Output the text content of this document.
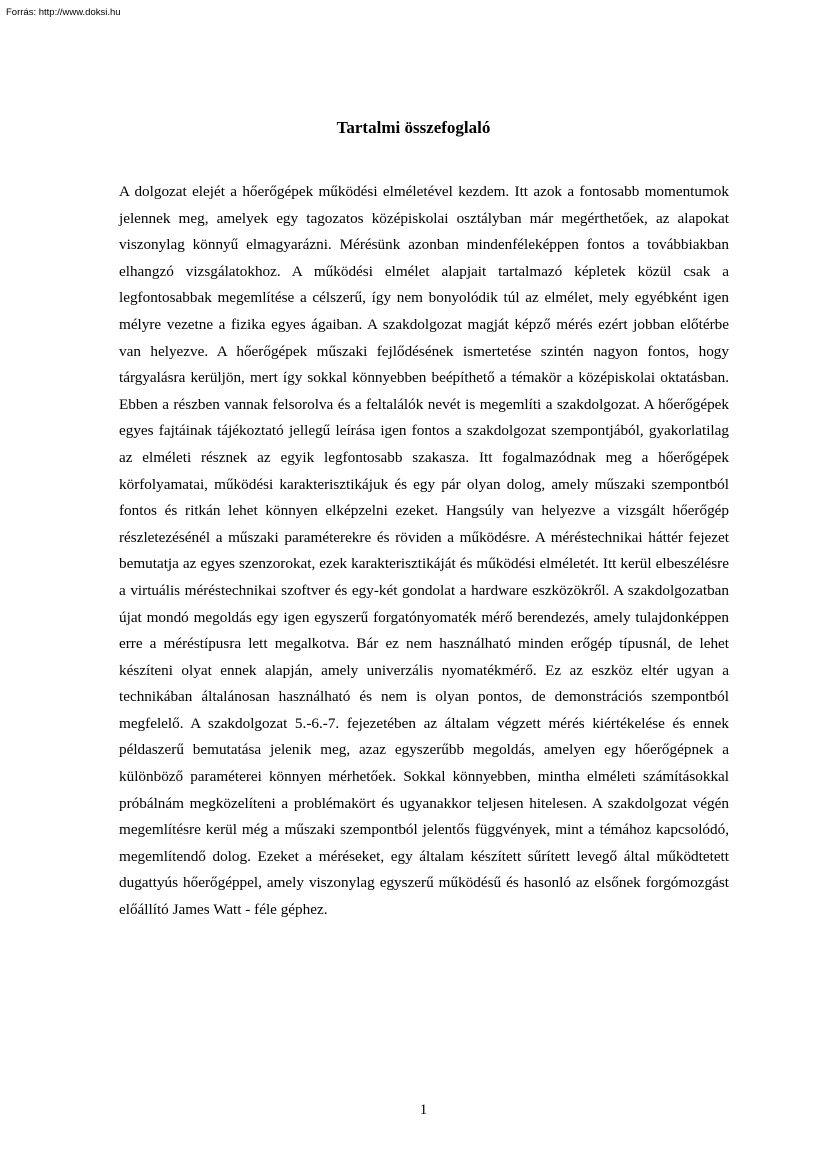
Forrás: http://www.doksi.hu

Tartalmi összefoglaló

A dolgozat elejét a hőerőgépek működési elméletével kezdem. Itt azok a fontosabb momentumok jelennek meg, amelyek egy tagozatos középiskolai osztályban már megérthetőek, az alapokat viszonylag könnyű elmagyarázni. Mérésünk azonban mindenféleképpen fontos a továbbiakban elhangzó vizsgálatokhoz. A működési elmélet alapjait tartalmazó képletek közül csak a legfontosabbak megemlítése a célszerű, így nem bonyolódik túl az elmélet, mely egyébként igen mélyre vezetne a fizika egyes ágaiban. A szakdolgozat magját képző mérés ezért jobban előtérbe van helyezve. A hőerőgépek műszaki fejlődésének ismertetése szintén nagyon fontos, hogy tárgyalásra kerüljön, mert így sokkal könnyebben beépíthető a témakör a középiskolai oktatásban. Ebben a részben vannak felsorolva és a feltalálók nevét is megemlíti a szakdolgozat. A hőerőgépek egyes fajtáinak tájékoztató jellegű leírása igen fontos a szakdolgozat szempontjából, gyakorlatilag az elméleti résznek az egyik legfontosabb szakasza. Itt fogalmazódnak meg a hőerőgépek körfolyamatai, működési karakterisztikájuk és egy pár olyan dolog, amely műszaki szempontból fontos és ritkán lehet könnyen elképzelni ezeket. Hangsúly van helyezve a vizsgált hőerőgép részletezésénél a műszaki paraméterekre és röviden a működésre. A méréstechnikai háttér fejezet bemutatja az egyes szenzorokat, ezek karakterisztikáját és működési elméletét. Itt kerül elbeszélésre a virtuális méréstechnikai szoftver és egy-két gondolat a hardware eszközökről. A szakdolgozatban újat mondó megoldás egy igen egyszerű forgatónyomaték mérő berendezés, amely tulajdonképpen erre a méréstípusra lett megalkotva. Bár ez nem használható minden erőgép típusnál, de lehet készíteni olyat ennek alapján, amely univerzális nyomatékmérő. Ez az eszköz eltér ugyan a technikában általánosan használható és nem is olyan pontos, de demonstrációs szempontból megfelelő. A szakdolgozat 5.-6.-7. fejezetében az általam végzett mérés kiértékelése és ennek példaszerű bemutatása jelenik meg, azaz egyszerűbb megoldás, amelyen egy hőerőgépnek a különböző paraméterei könnyen mérhetőek. Sokkal könnyebben, mintha elméleti számításokkal próbálnám megközelíteni a problémakört és ugyanakkor teljesen hitelesen. A szakdolgozat végén megemlítésre kerül még a műszaki szempontból jelentős függvények, mint a témához kapcsolódó, megemlítendő dolog. Ezeket a méréseket, egy általam készített sűrített levegő által működtetett dugattyús hőerőgéppel, amely viszonylag egyszerű működésű és hasonló az elsőnek forgómozgást előállító James Watt - féle géphez.

1
